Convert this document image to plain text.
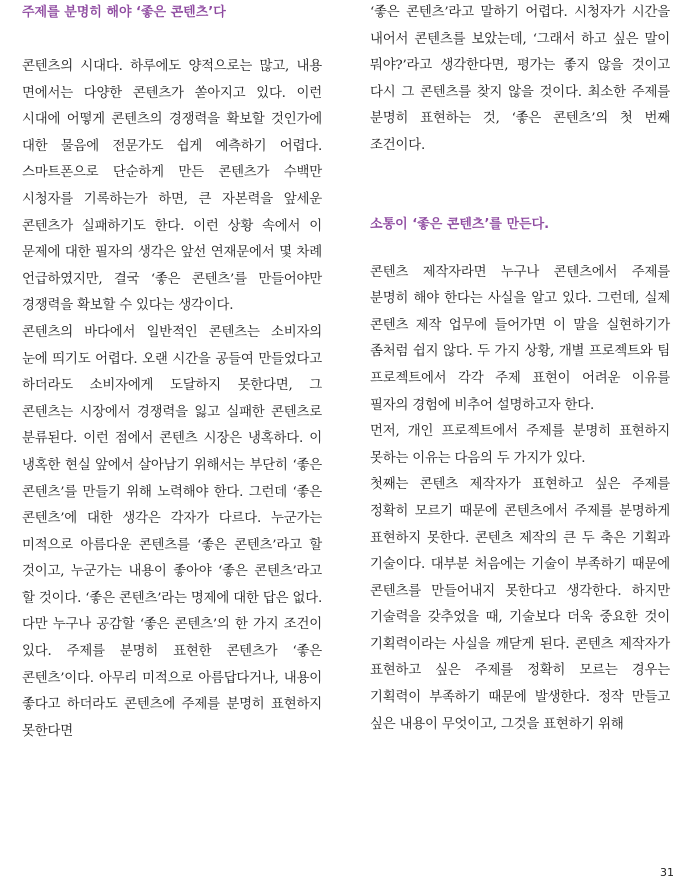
주제를 분명히 해야 ‘좋은 콘텐츠’다

콘텐츠의 시대다. 하루에도 양적으로는 많고, 내용 면에서는 다양한 콘텐츠가 쏟아지고 있다. 이런 시대에 어떻게 콘텐츠의 경쟁력을 확보할 것인가에 대한 물음에 전문가도 쉽게 예측하기 어렵다. 스마트폰으로 단순하게 만든 콘텐츠가 수백만 시청자를 기록하는가 하면, 큰 자본력을 앞세운 콘텐츠가 실패하기도 한다. 이런 상황 속에서 이 문제에 대한 필자의 생각은 앞선 연재문에서 몇 차례 언급하였지만, 결국 ‘좋은 콘텐츠’를 만들어야만 경쟁력을 확보할 수 있다는 생각이다.

콘텐츠의 바다에서 일반적인 콘텐츠는 소비자의 눈에 띄기도 어렵다. 오랜 시간을 공들여 만들었다고 하더라도 소비자에게 도달하지 못한다면, 그 콘텐츠는 시장에서 경쟁력을 잃고 실패한 콘텐츠로 분류된다. 이런 점에서 콘텐츠 시장은 냉혹하다. 이 냉혹한 현실 앞에서 살아남기 위해서는 부단히 ‘좋은 콘텐츠’를 만들기 위해 노력해야 한다. 그런데 ‘좋은 콘텐츠’에 대한 생각은 각자가 다르다. 누군가는 미적으로 아름다운 콘텐츠를 ‘좋은 콘텐츠’라고 할 것이고, 누군가는 내용이 좋아야 ‘좋은 콘텐츠’라고 할 것이다. ‘좋은 콘텐츠’라는 명제에 대한 답은 없다. 다만 누구나 공감할 ‘좋은 콘텐츠’의 한 가지 조건이 있다. 주제를 분명히 표현한 콘텐츠가 ‘좋은 콘텐츠’이다. 아무리 미적으로 아름답다거나, 내용이 좋다고 하더라도 콘텐츠에 주제를 분명히 표현하지 못한다면

‘좋은 콘텐츠’라고 말하기 어렵다. 시청자가 시간을 내어서 콘텐츠를 보았는데, ‘그래서 하고 싶은 말이 뭐야?’라고 생각한다면, 평가는 좋지 않을 것이고 다시 그 콘텐츠를 찾지 않을 것이다. 최소한 주제를 분명히 표현하는 것, ‘좋은 콘텐츠’의 첫 번째 조건이다.

소통이 ‘좋은 콘텐츠’를 만든다.

콘텐츠 제작자라면 누구나 콘텐츠에서 주제를 분명히 해야 한다는 사실을 알고 있다. 그런데, 실제 콘텐츠 제작 업무에 들어가면 이 말을 실현하기가 좀처럼 쉽지 않다. 두 가지 상황, 개별 프로젝트와 팀 프로젝트에서 각각 주제 표현이 어려운 이유를 필자의 경험에 비추어 설명하고자 한다.

먼저, 개인 프로젝트에서 주제를 분명히 표현하지 못하는 이유는 다음의 두 가지가 있다.

첫째는 콘텐츠 제작자가 표현하고 싶은 주제를 정확히 모르기 때문에 콘텐츠에서 주제를 분명하게 표현하지 못한다. 콘텐츠 제작의 큰 두 축은 기획과 기술이다. 대부분 처음에는 기술이 부족하기 때문에 콘텐츠를 만들어내지 못한다고 생각한다. 하지만 기술력을 갖추었을 때, 기술보다 더욱 중요한 것이 기획력이라는 사실을 깨닫게 된다. 콘텐츠 제작자가 표현하고 싶은 주제를 정확히 모르는 경우는 기획력이 부족하기 때문에 발생한다. 정작 만들고 싶은 내용이 무엇이고, 그것을 표현하기 위해

31
